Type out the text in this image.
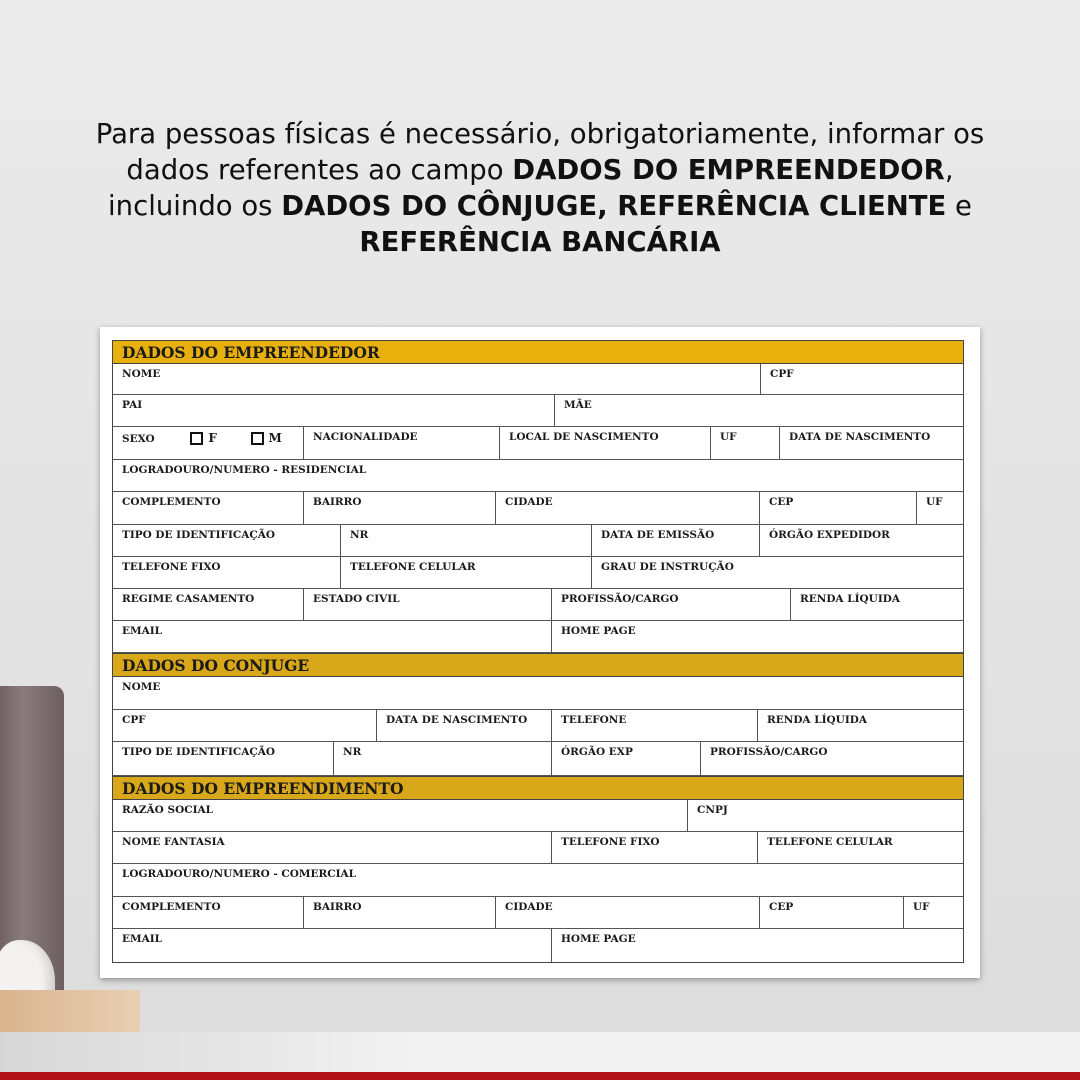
Para pessoas físicas é necessário, obrigatoriamente, informar os dados referentes ao campo DADOS DO EMPREENDEDOR, incluindo os DADOS DO CÔNJUGE, REFERÊNCIA CLIENTE e REFERÊNCIA BANCÁRIA
DADOS DO EMPREENDEDOR
NOME	CPF
PAI	MÃE
SEXO	F	M	NACIONALIDADE	LOCAL DE NASCIMENTO	UF	DATA DE NASCIMENTO
LOGRADOURO/NUMERO - RESIDENCIAL
COMPLEMENTO	BAIRRO	CIDADE	CEP	UF
TIPO DE IDENTIFICAÇÃO	NR	DATA DE EMISSÃO	ÓRGÃO EXPEDIDOR
TELEFONE FIXO	TELEFONE CELULAR	GRAU DE INSTRUÇÃO
REGIME CASAMENTO	ESTADO CIVIL	PROFISSÃO/CARGO	RENDA LÍQUIDA
EMAIL	HOME PAGE
DADOS DO CONJUGE
NOME
CPF	DATA DE NASCIMENTO	TELEFONE	RENDA LÍQUIDA
TIPO DE IDENTIFICAÇÃO	NR	ÓRGÃO EXP	PROFISSÃO/CARGO
DADOS DO EMPREENDIMENTO
RAZÃO SOCIAL	CNPJ
NOME FANTASIA	TELEFONE FIXO	TELEFONE CELULAR
LOGRADOURO/NUMERO - COMERCIAL
COMPLEMENTO	BAIRRO	CIDADE	CEP	UF
EMAIL	HOME PAGE
